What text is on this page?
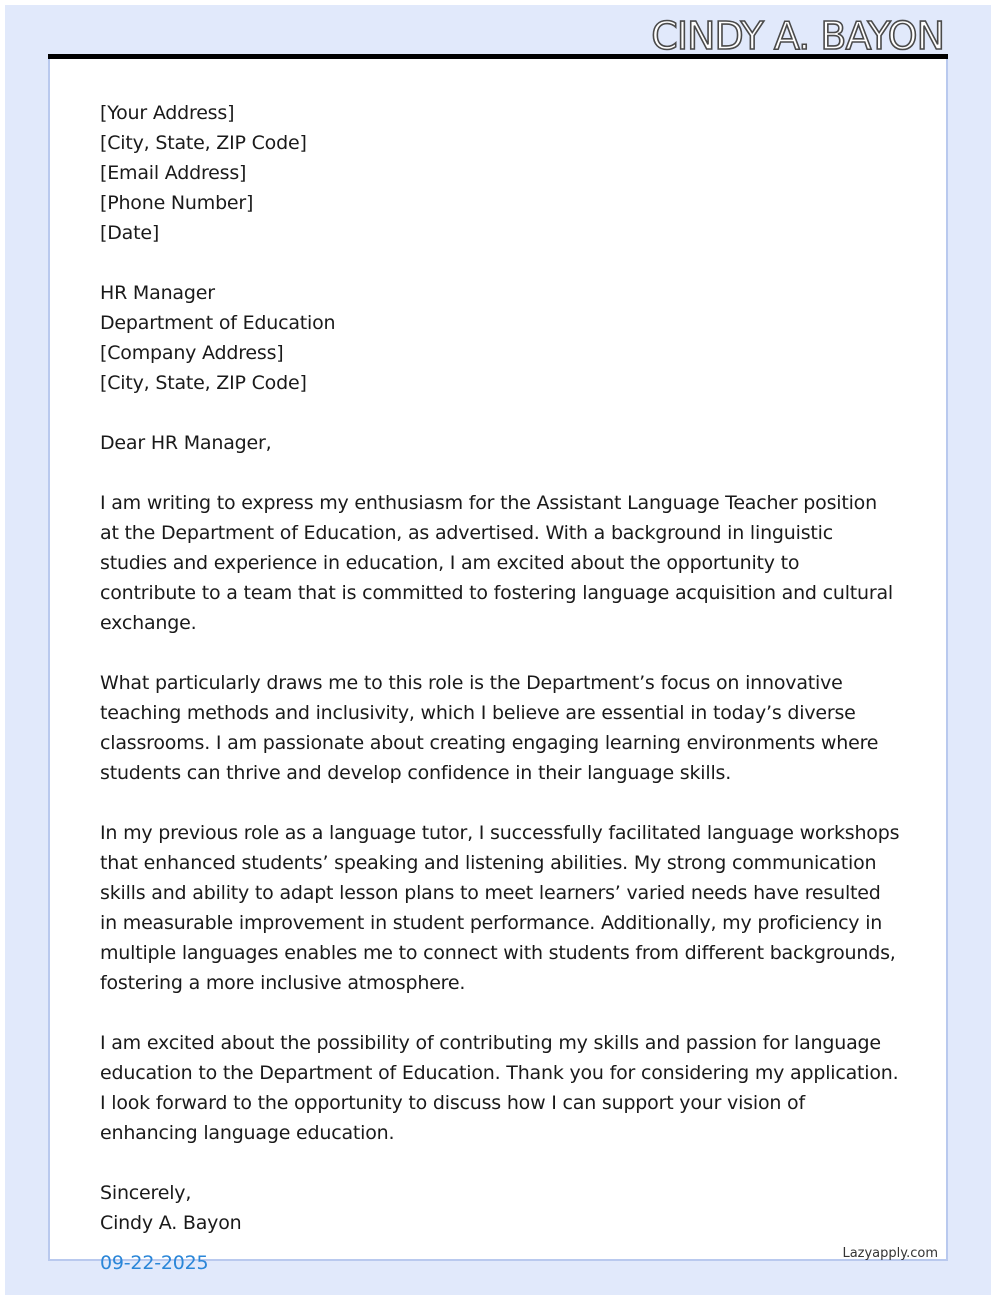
CINDY A. BAYON
[Your Address]
[City, State, ZIP Code]
[Email Address]
[Phone Number]
[Date]
HR Manager
Department of Education
[Company Address]
[City, State, ZIP Code]
Dear HR Manager,

I am writing to express my enthusiasm for the Assistant Language Teacher position at the Department of Education, as advertised. With a background in linguistic studies and experience in education, I am excited about the opportunity to contribute to a team that is committed to fostering language acquisition and cultural exchange.

What particularly draws me to this role is the Department’s focus on innovative teaching methods and inclusivity, which I believe are essential in today’s diverse classrooms. I am passionate about creating engaging learning environments where students can thrive and develop confidence in their language skills.

In my previous role as a language tutor, I successfully facilitated language workshops that enhanced students’ speaking and listening abilities. My strong communication skills and ability to adapt lesson plans to meet learners’ varied needs have resulted in measurable improvement in student performance. Additionally, my proficiency in multiple languages enables me to connect with students from different backgrounds, fostering a more inclusive atmosphere.

I am excited about the possibility of contributing my skills and passion for language education to the Department of Education. Thank you for considering my application. I look forward to the opportunity to discuss how I can support your vision of enhancing language education.

Sincerely,
Cindy A. Bayon
09-22-2025	Lazyapply.com
